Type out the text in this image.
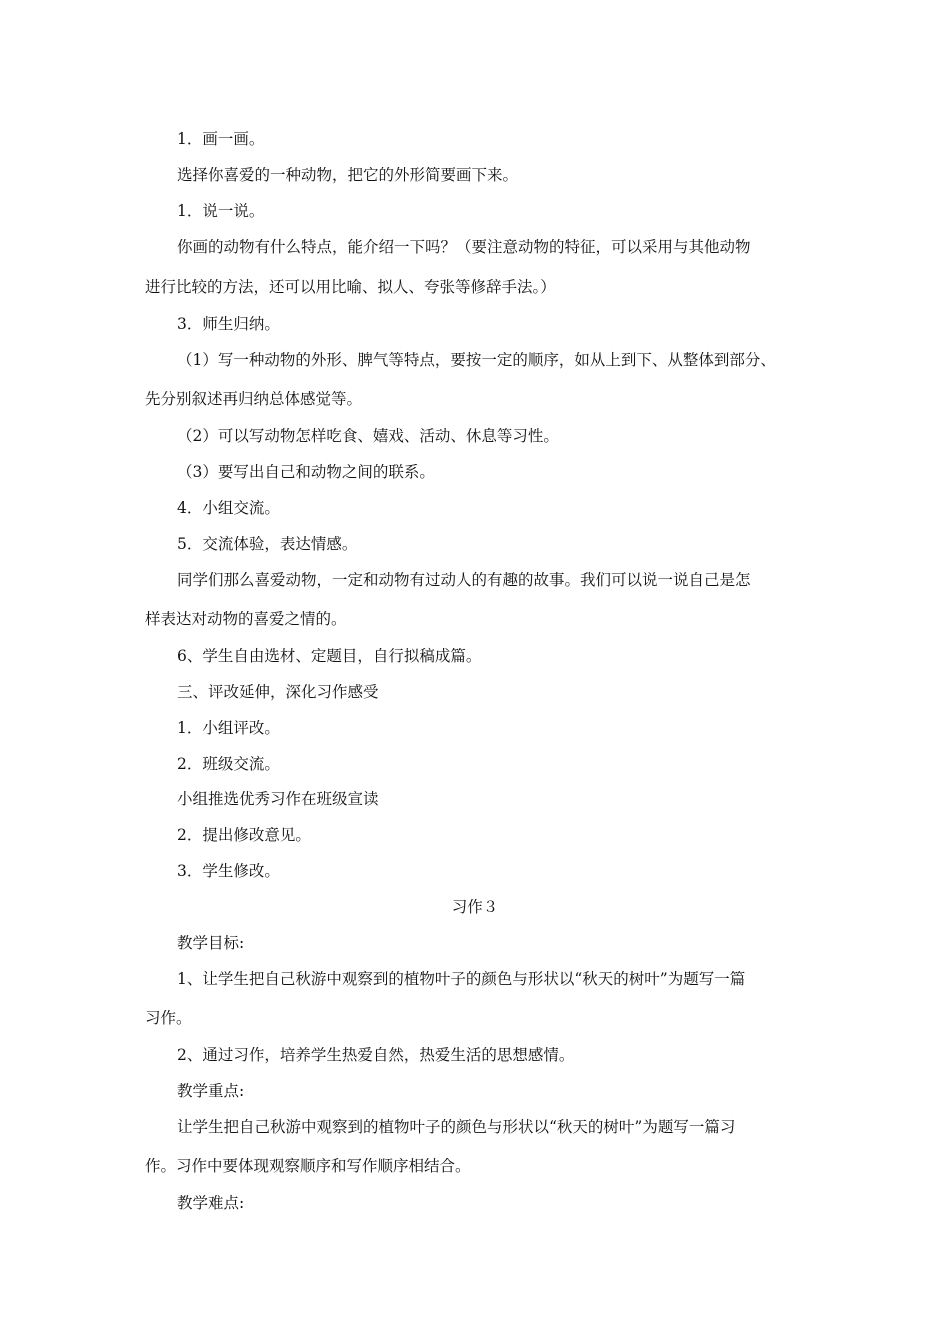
1．画一画。
选择你喜爱的一种动物，把它的外形简要画下来。
1．说一说。
你画的动物有什么特点，能介绍一下吗？（要注意动物的特征，可以采用与其他动物
进行比较的方法，还可以用比喻、拟人、夸张等修辞手法。）
3．师生归纳。
（1）写一种动物的外形、脾气等特点，要按一定的顺序，如从上到下、从整体到部分、
先分别叙述再归纳总体感觉等。
（2）可以写动物怎样吃食、嬉戏、活动、休息等习性。
（3）要写出自己和动物之间的联系。
4．小组交流。
5．交流体验，表达情感。
同学们那么喜爱动物，一定和动物有过动人的有趣的故事。我们可以说一说自己是怎
样表达对动物的喜爱之情的。
6、学生自由选材、定题目，自行拟稿成篇。
三、评改延伸，深化习作感受
1．小组评改。
2．班级交流。
小组推选优秀习作在班级宣读
2．提出修改意见。
3．学生修改。
习作３
教学目标:
1、让学生把自己秋游中观察到的植物叶子的颜色与形状以“秋天的树叶”为题写一篇
习作。
2、通过习作，培养学生热爱自然，热爱生活的思想感情。
教学重点:
让学生把自己秋游中观察到的植物叶子的颜色与形状以“秋天的树叶”为题写一篇习
作。习作中要体现观察顺序和写作顺序相结合。
教学难点:
